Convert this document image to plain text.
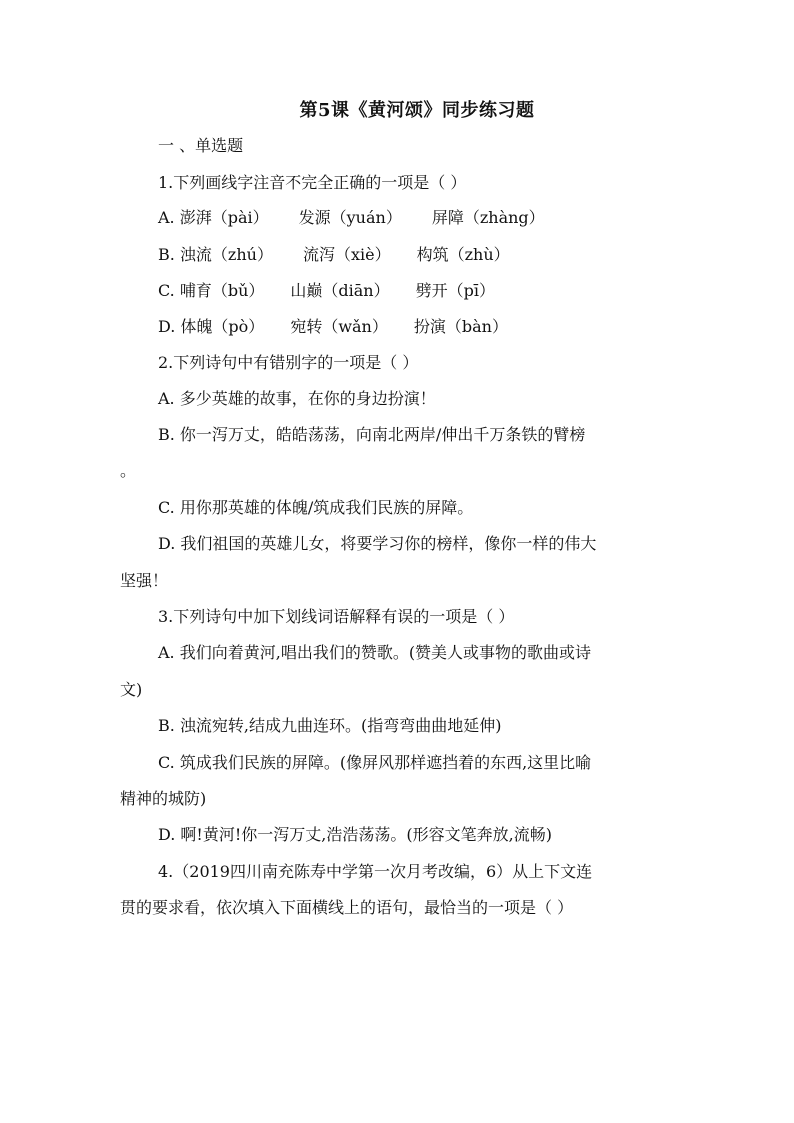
第5课《黄河颂》同步练习题
一 、单选题
1.下列画线字注音不完全正确的一项是（ ）
A. 澎湃（pài） 发源（yuán） 屏障（zhàng）
B. 浊流（zhú） 流泻（xiè） 构筑（zhù）
C. 哺育（bǔ） 山巅（diān） 劈开（pī）
D. 体魄（pò） 宛转（wǎn） 扮演（bàn）
2.下列诗句中有错别字的一项是（ ）
A. 多少英雄的故事，在你的身边扮演！
B. 你一泻万丈，皓皓荡荡，向南北两岸/伸出千万条铁的臂榜
。
C. 用你那英雄的体魄/筑成我们民族的屏障。
D. 我们祖国的英雄儿女，将要学习你的榜样，像你一样的伟大
坚强！
3.下列诗句中加下划线词语解释有误的一项是（ ）
A. 我们向着黄河,唱出我们的赞歌。(赞美人或事物的歌曲或诗
文)
B. 浊流宛转,结成九曲连环。(指弯弯曲曲地延伸)
C. 筑成我们民族的屏障。(像屏风那样遮挡着的东西,这里比喻
精神的城防)
D. 啊!黄河!你一泻万丈,浩浩荡荡。(形容文笔奔放,流畅)
4.（2019四川南充陈寿中学第一次月考改编，6）从上下文连
贯的要求看，依次填入下面横线上的语句，最恰当的一项是（ ）
